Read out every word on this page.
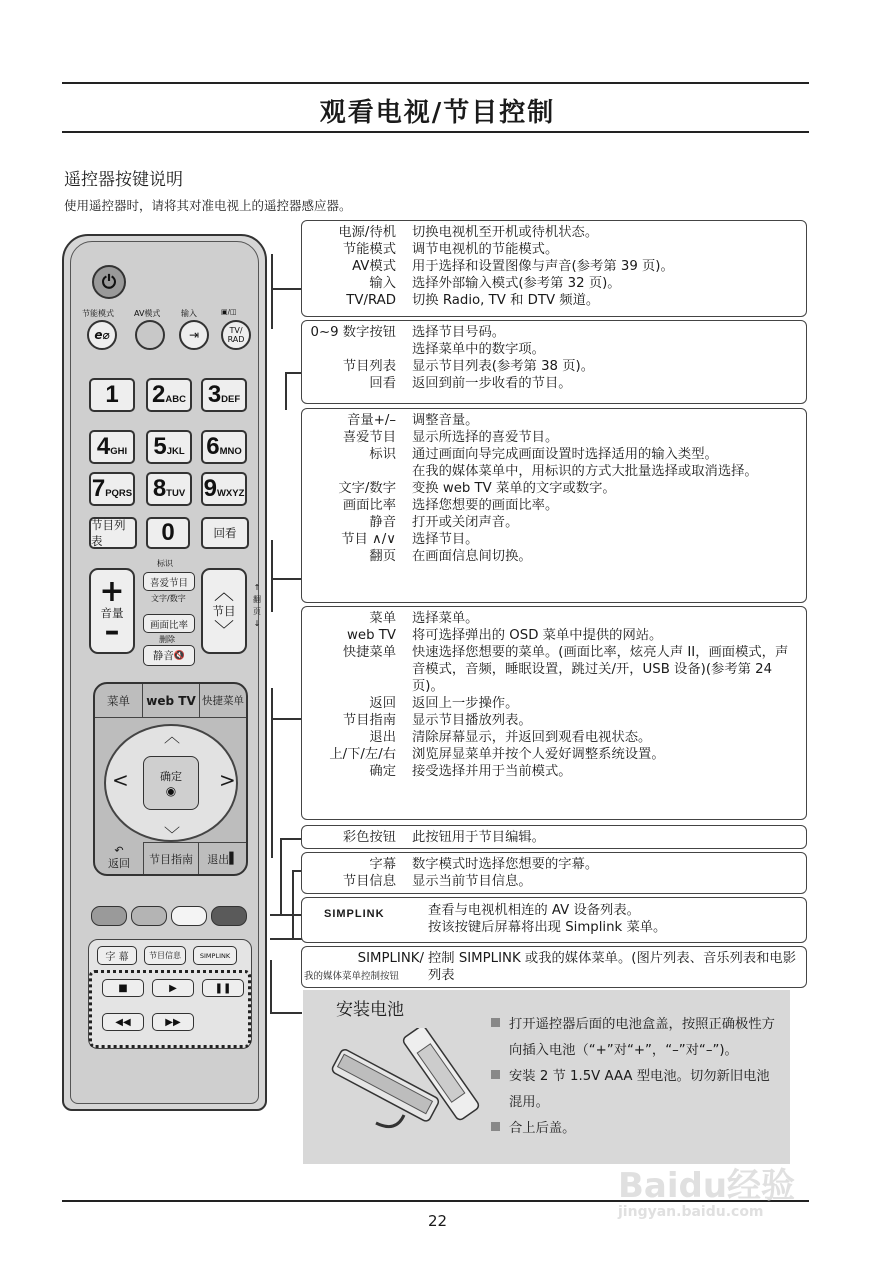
观看电视/节目控制
遥控器按键说明
使用遥控器时，请将其对准电视上的遥控器感应器。
⏻
节能模式	AV模式	输入	▣/◫
e⌀	⇥	TV/
RAD
1 2 ABC 3 DEF
4 GHI 5 JKL 6 MNO
7 PQRS 8 TUV 9 WXYZ
节目列表	0	回看
标识
+
音量
–
喜爱节目
文字/数字
画面比率
删除
静音 🔇
︿
节目
﹀
↑
翻页
↓
菜单 web TV 快捷菜单
︿
﹀
<	>
确定
◉
↶
返回	节目指南 退出 ▌
字 幕	节目信息	SIMPLINK
■	▶	❚❚
◀◀	▶▶
电源/待机	切换电视机至开机或待机状态。
节能模式	调节电视机的节能模式。
AV模式	用于选择和设置图像与声音(参考第 39 页)。
输入	选择外部输入模式(参考第 32 页)。
TV/RAD	切换 Radio, TV 和 DTV 频道。
0~9 数字按钮	选择节目号码。
选择菜单中的数字项。
节目列表	显示节目列表(参考第 38 页)。
回看	返回到前一步收看的节目。
音量+/–	调整音量。
喜爱节目	显示所选择的喜爱节目。
标识	通过画面向导完成画面设置时选择适用的输入类型。
在我的媒体菜单中，用标识的方式大批量选择或取消选择。
文字/数字	变换 web TV 菜单的文字或数字。
画面比率	选择您想要的画面比率。
静音	打开或关闭声音。
节目 ∧/∨	选择节目。
翻页	在画面信息间切换。
菜单	选择菜单。
web TV	将可选择弹出的 OSD 菜单中提供的网站。
快捷菜单	快速选择您想要的菜单。(画面比率，炫亮人声 II，画面模式，声音模式，音频，睡眠设置，跳过关/开，USB 设备)(参考第 24 页)。
返回	返回上一步操作。
节目指南	显示节目播放列表。
退出	清除屏幕显示，并返回到观看电视状态。
上/下/左/右	浏览屏显菜单并按个人爱好调整系统设置。
确定	接受选择并用于当前模式。
彩色按钮	此按钮用于节目编辑。
字幕	数字模式时选择您想要的字幕。
节目信息	显示当前节目信息。
SIMPLINK	查看与电视机相连的 AV 设备列表。
按该按键后屏幕将出现 Simplink 菜单。
SIMPLINK/ 控制 SIMPLINK 或我的媒体菜单。(图片列表、音乐列表和电影列表
我的媒体菜单控制按钮
安装电池
打开遥控器后面的电池盒盖，按照正确极性方向插入电池（“+”对“+”，“–”对“–”)。
安装 2 节 1.5V AAA 型电池。切勿新旧电池混用。
合上后盖。
22
Baidu经验
jingyan.baidu.com
